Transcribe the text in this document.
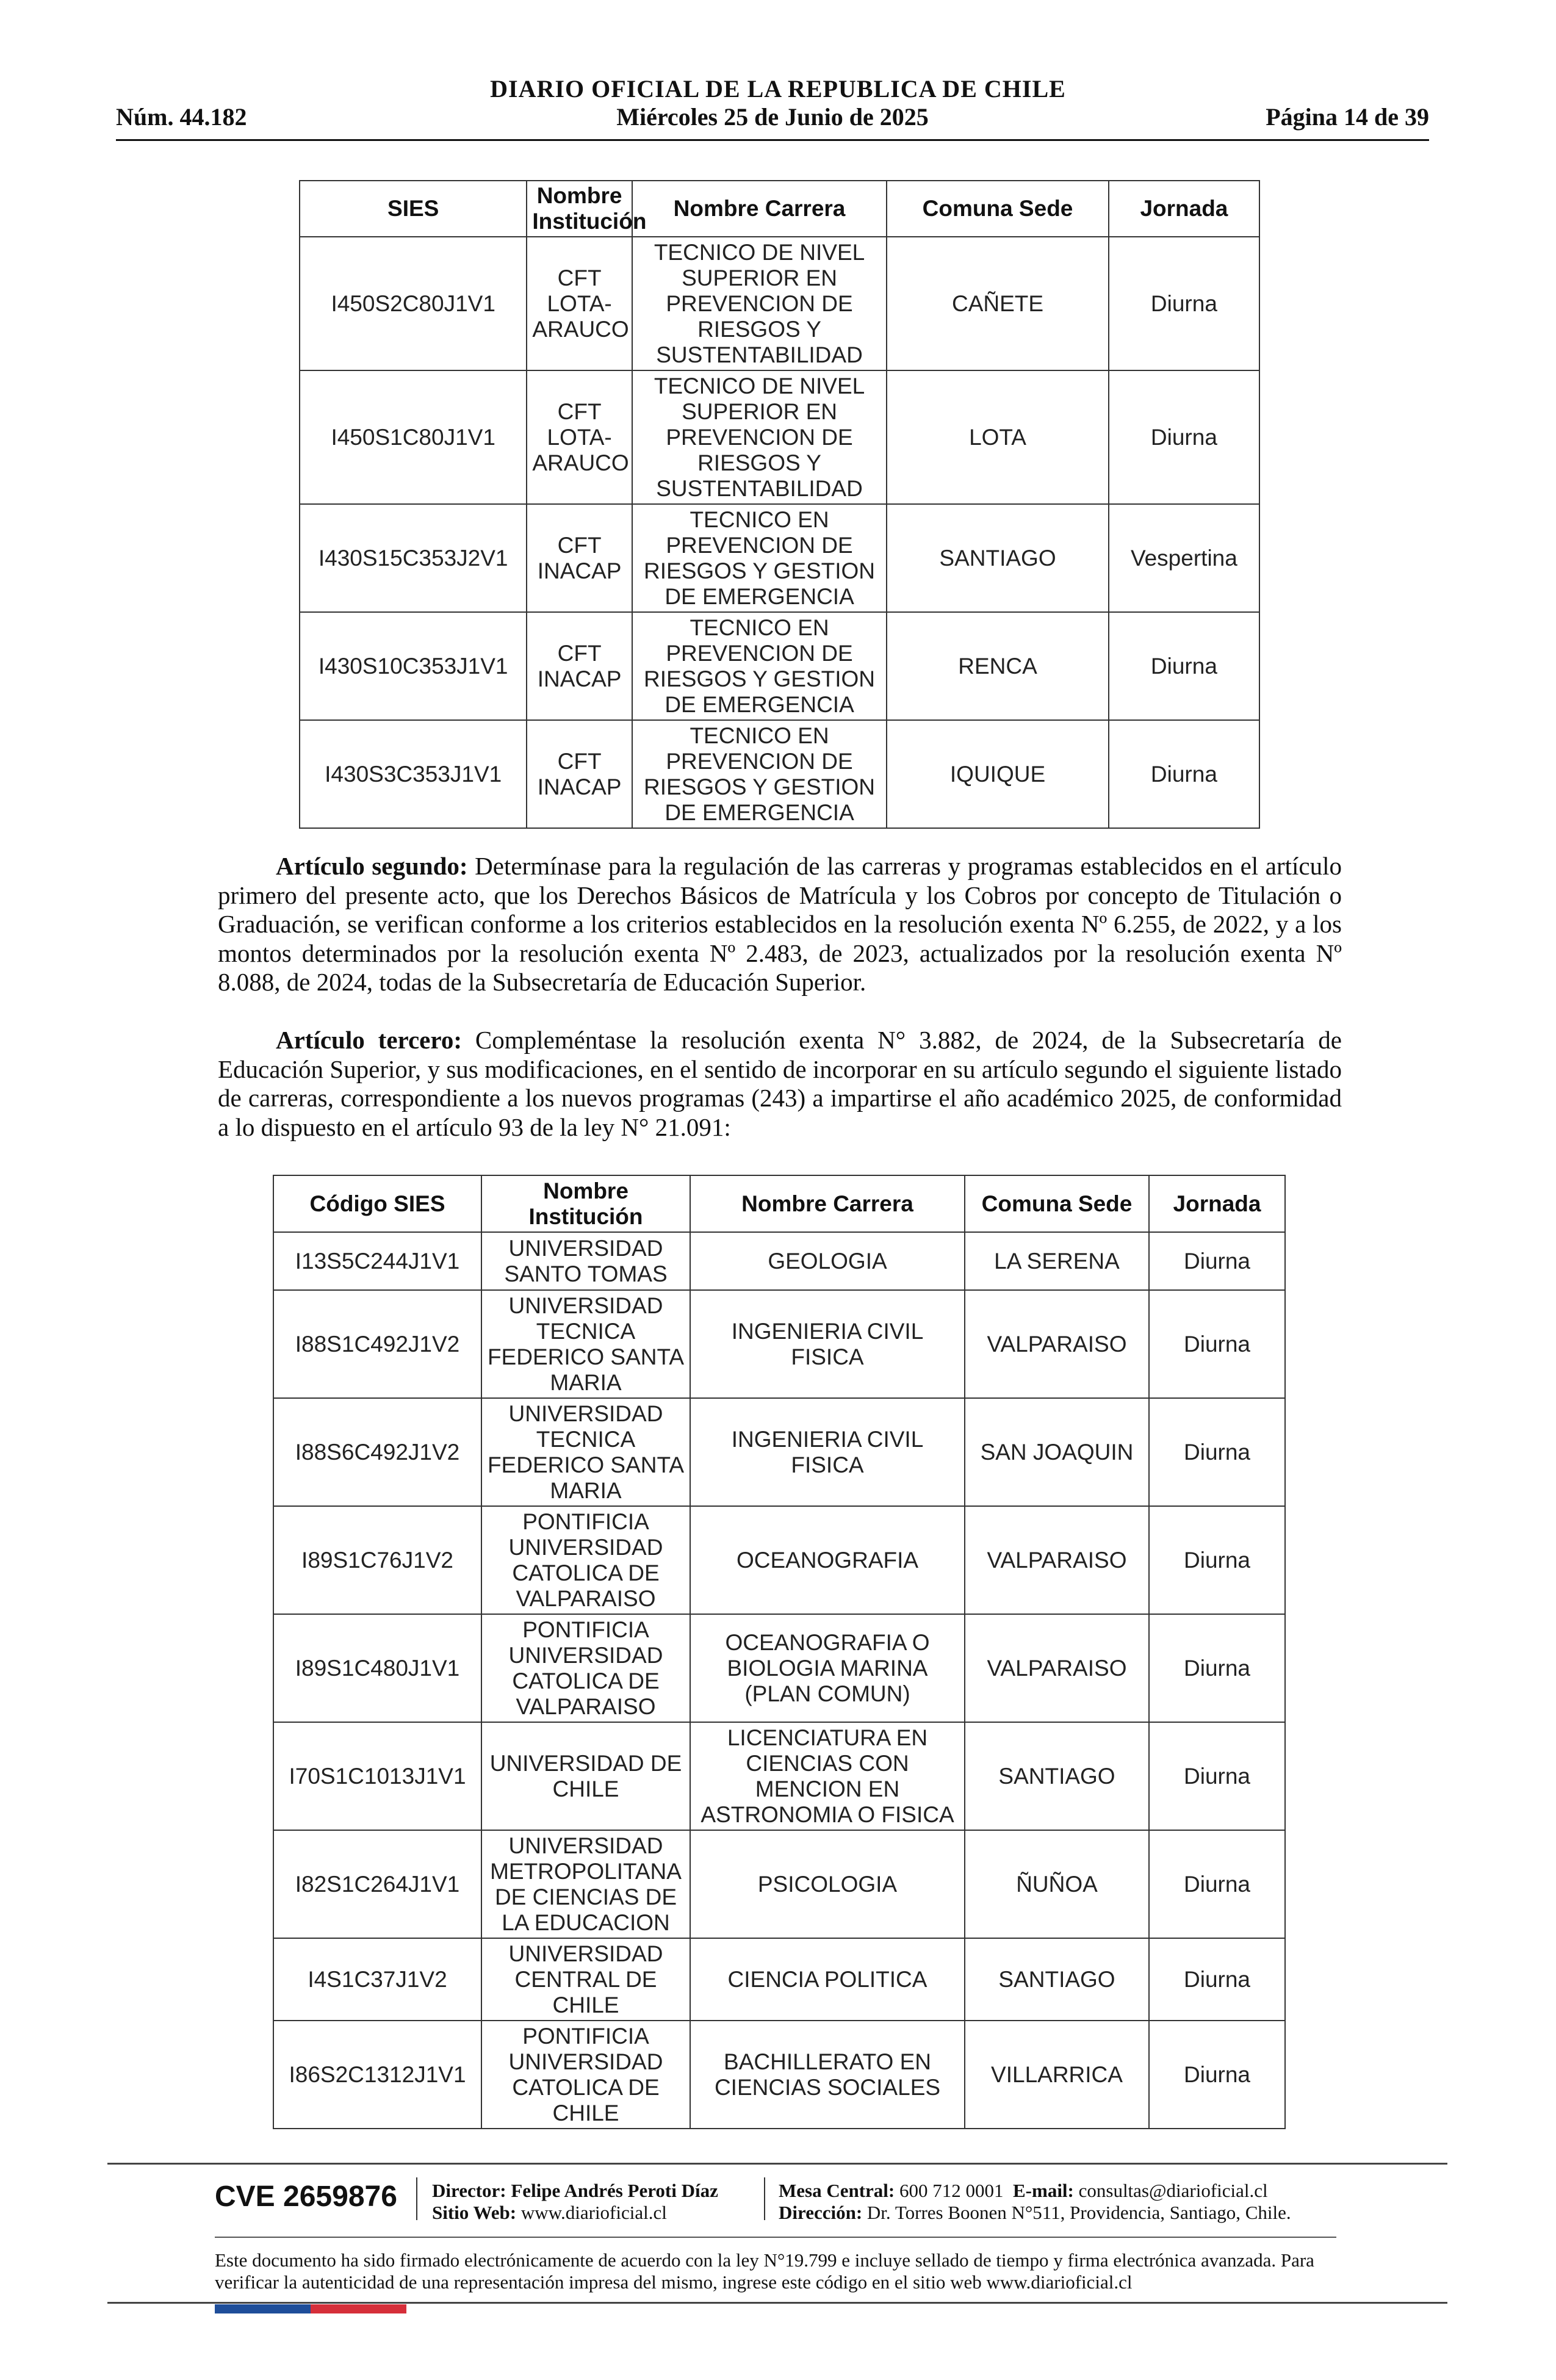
DIARIO OFICIAL DE LA REPUBLICA DE CHILE
Núm. 44.182	Miércoles 25 de Junio de 2025	Página 14 de 39
SIES	Nombre Institución	Nombre Carrera	Comuna Sede	Jornada
I450S2C80J1V1	CFT LOTA-ARAUCO	TECNICO DE NIVEL SUPERIOR EN PREVENCION DE RIESGOS Y SUSTENTABILIDAD	CAÑETE	Diurna
I450S1C80J1V1	CFT LOTA-ARAUCO	TECNICO DE NIVEL SUPERIOR EN PREVENCION DE RIESGOS Y SUSTENTABILIDAD	LOTA	Diurna
I430S15C353J2V1	CFT INACAP	TECNICO EN PREVENCION DE RIESGOS Y GESTION DE EMERGENCIA	SANTIAGO	Vespertina
I430S10C353J1V1	CFT INACAP	TECNICO EN PREVENCION DE RIESGOS Y GESTION DE EMERGENCIA	RENCA	Diurna
I430S3C353J1V1	CFT INACAP	TECNICO EN PREVENCION DE RIESGOS Y GESTION DE EMERGENCIA	IQUIQUE	Diurna

Artículo segundo: Determínase para la regulación de las carreras y programas establecidos en el artículo primero del presente acto, que los Derechos Básicos de Matrícula y los Cobros por concepto de Titulación o Graduación, se verifican conforme a los criterios establecidos en la resolución exenta Nº 6.255, de 2022, y a los montos determinados por la resolución exenta Nº 2.483, de 2023, actualizados por la resolución exenta Nº 8.088, de 2024, todas de la Subsecretaría de Educación Superior.

Artículo tercero: Compleméntase la resolución exenta N° 3.882, de 2024, de la Subsecretaría de Educación Superior, y sus modificaciones, en el sentido de incorporar en su artículo segundo el siguiente listado de carreras, correspondiente a los nuevos programas (243) a impartirse el año académico 2025, de conformidad a lo dispuesto en el artículo 93 de la ley N° 21.091:

Código SIES	Nombre Institución	Nombre Carrera	Comuna Sede	Jornada
I13S5C244J1V1	UNIVERSIDAD SANTO TOMAS	GEOLOGIA	LA SERENA	Diurna
I88S1C492J1V2	UNIVERSIDAD TECNICA FEDERICO SANTA MARIA	INGENIERIA CIVIL FISICA	VALPARAISO	Diurna
I88S6C492J1V2	UNIVERSIDAD TECNICA FEDERICO SANTA MARIA	INGENIERIA CIVIL FISICA	SAN JOAQUIN	Diurna
I89S1C76J1V2	PONTIFICIA UNIVERSIDAD CATOLICA DE VALPARAISO	OCEANOGRAFIA	VALPARAISO	Diurna
I89S1C480J1V1	PONTIFICIA UNIVERSIDAD CATOLICA DE VALPARAISO	OCEANOGRAFIA O BIOLOGIA MARINA (PLAN COMUN)	VALPARAISO	Diurna
I70S1C1013J1V1	UNIVERSIDAD DE CHILE	LICENCIATURA EN CIENCIAS CON MENCION EN ASTRONOMIA O FISICA	SANTIAGO	Diurna
I82S1C264J1V1	UNIVERSIDAD METROPOLITANA DE CIENCIAS DE LA EDUCACION	PSICOLOGIA	ÑUÑOA	Diurna
I4S1C37J1V2	UNIVERSIDAD CENTRAL DE CHILE	CIENCIA POLITICA	SANTIAGO	Diurna
I86S2C1312J1V1	PONTIFICIA UNIVERSIDAD CATOLICA DE CHILE	BACHILLERATO EN CIENCIAS SOCIALES	VILLARRICA	Diurna
CVE 2659876 Director: Felipe Andrés Peroti Díaz
Sitio Web: www.diarioficial.cl
Mesa Central: 600 712 0001 E-mail: consultas@diarioficial.cl
Dirección: Dr. Torres Boonen N°511, Providencia, Santiago, Chile.
Este documento ha sido firmado electrónicamente de acuerdo con la ley N°19.799 e incluye sellado de tiempo y firma electrónica avanzada. Para verificar la autenticidad de una representación impresa del mismo, ingrese este código en el sitio web www.diarioficial.cl
